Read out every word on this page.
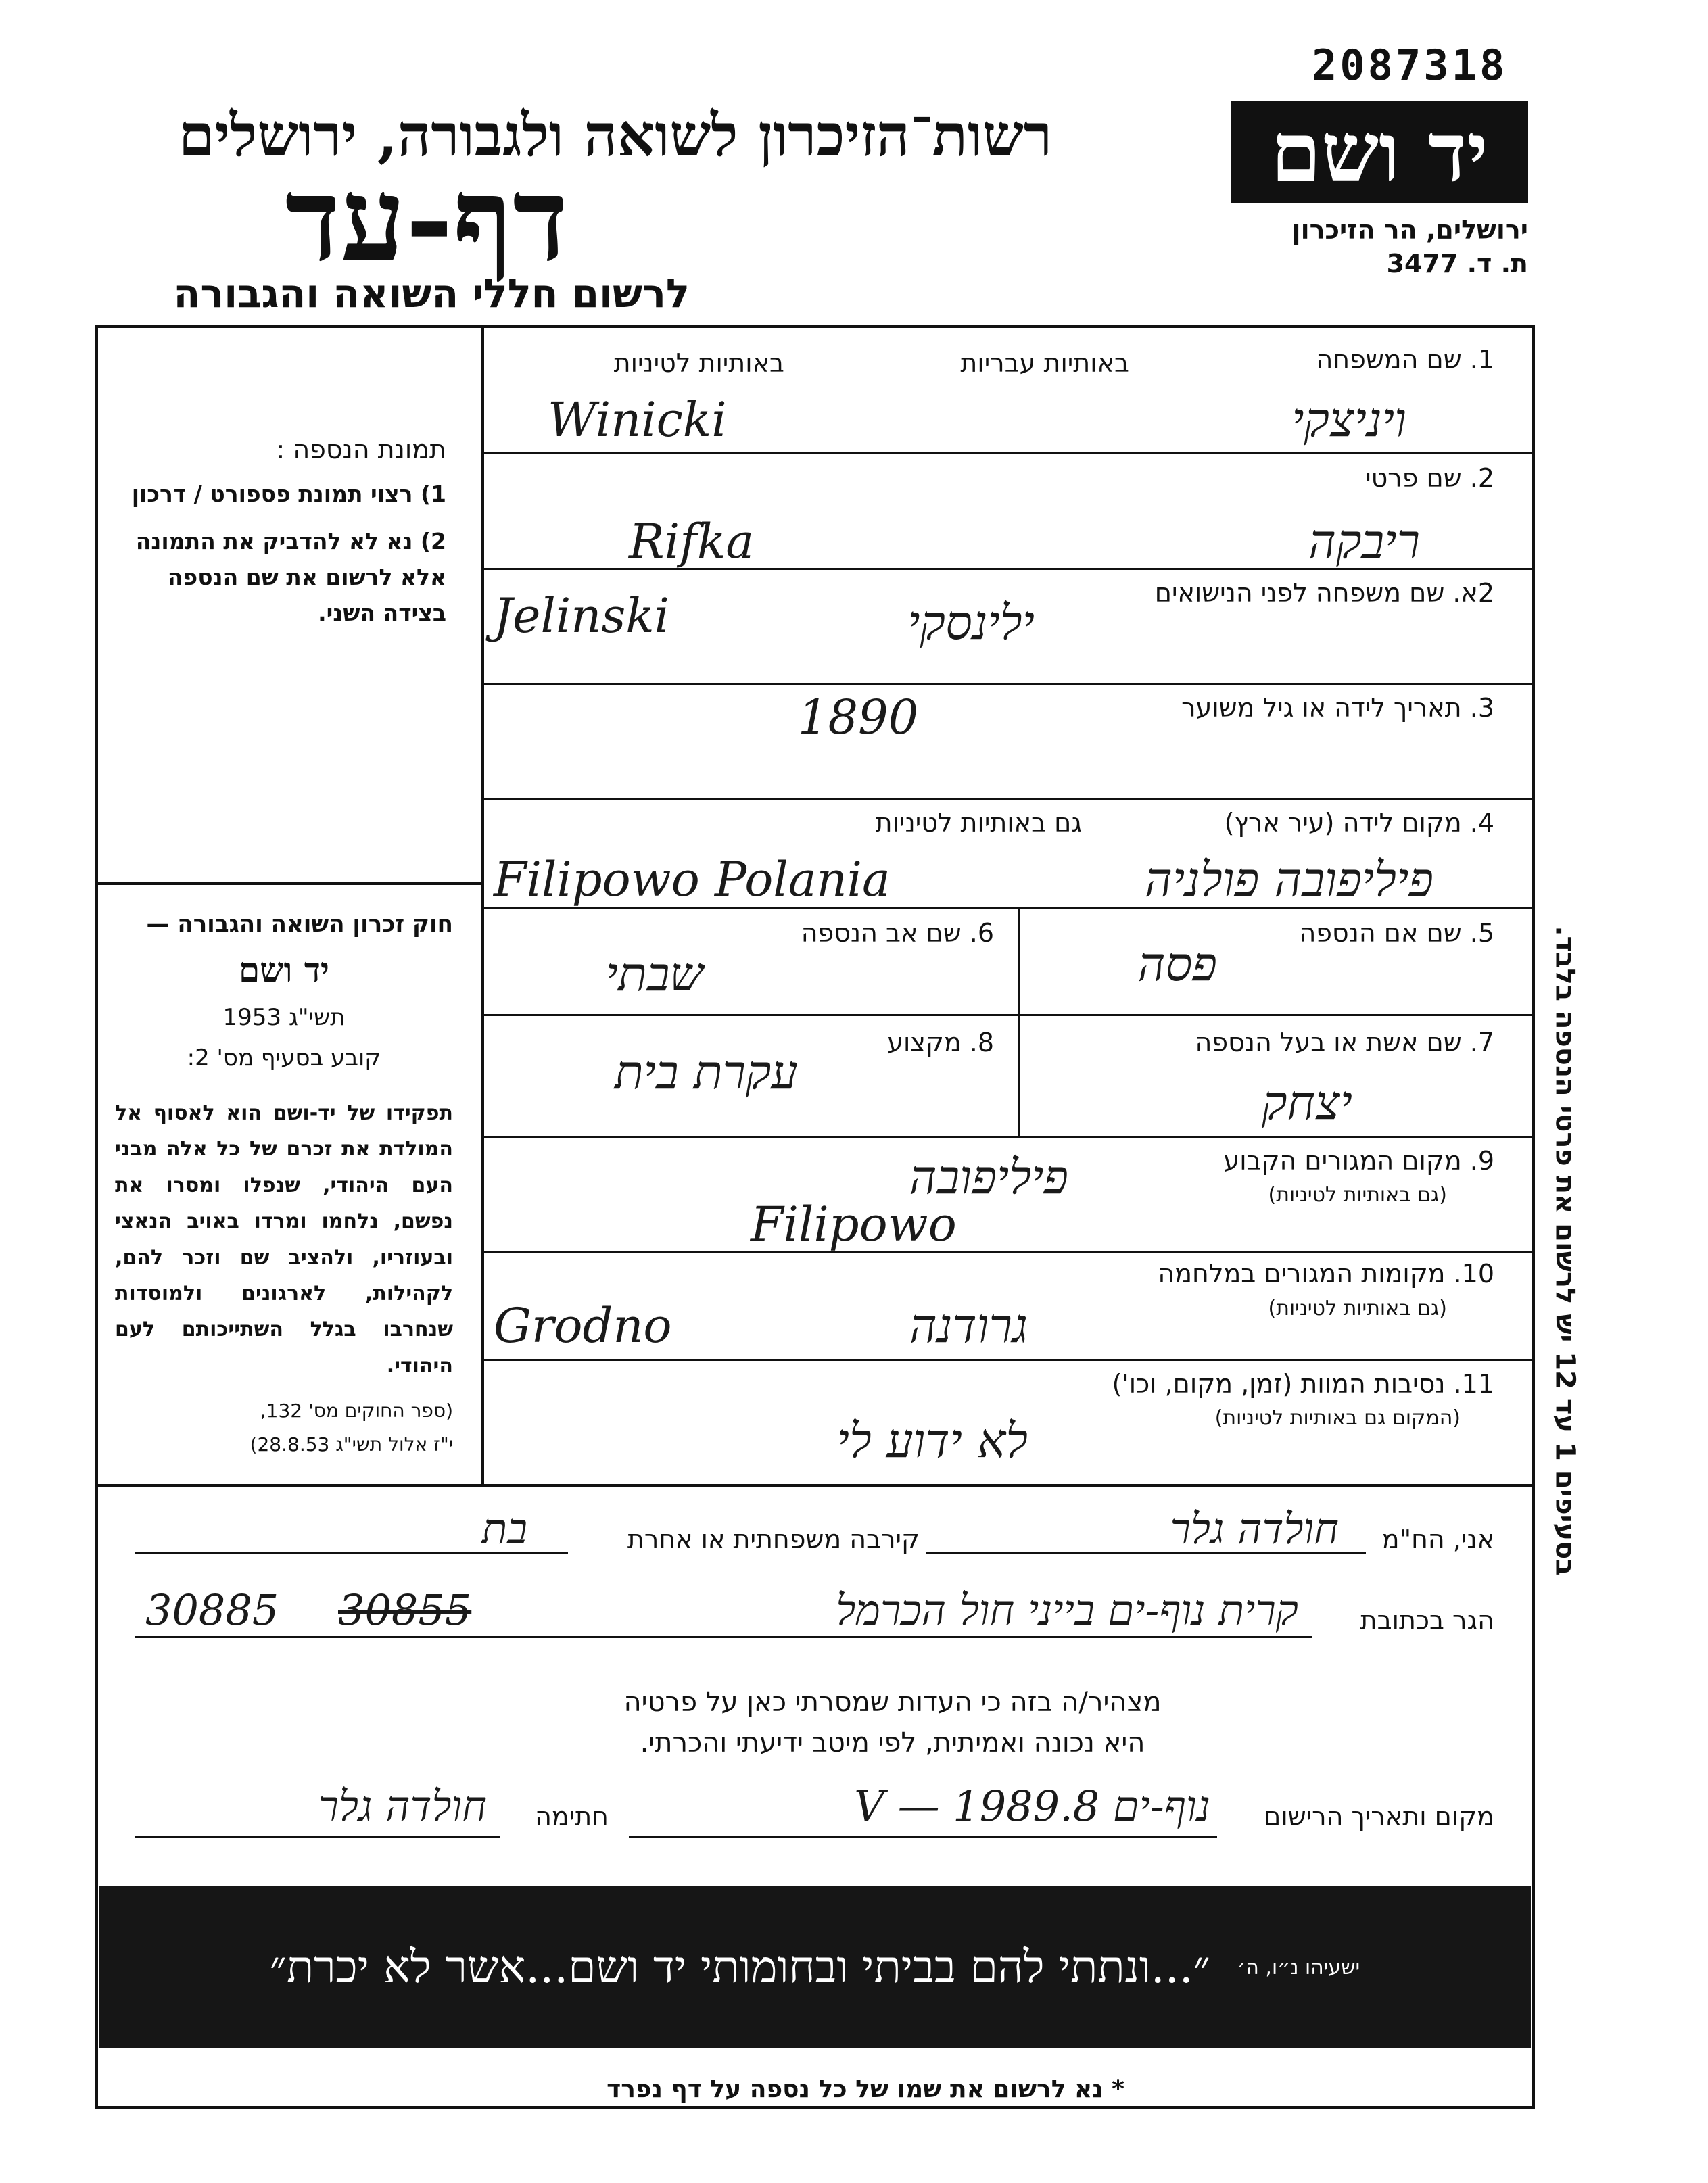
2087318
רשות־הזיכרון לשואה ולגבורה, ירושלים
דף-עד
לרשום חללי השואה והגבורה
יד ושם
ירושלים, הר הזיכרון
ת. ד. 3477
תמונת הנספה :
1) רצוי תמונת פספורט / דרכון
2) נא לא להדביק את התמונה אלא לרשום את שם הנספה בצידה השני.
חוק זכרון השואה והגבורה —
יד ושם
תשי"ג 1953
קובע בסעיף מס' 2:
תפקידו של יד-ושם הוא לאסוף אל המולדת את זכרם של כל אלה מבני העם היהודי, שנפלו ומסרו את נפשם, נלחמו ומרדו באויב הנאצי ובעוזריו, ולהציב שם וזכר להם, לקהילות, לארגונים ולמוסדות שנחרבו בגלל השתייכותם לעם היהודי.
(ספר החוקים מס' 132,
י"ז אלול תשי"ג 28.8.53)
1. שם המשפחה
באותיות עבריות
באותיות לטיניות
Winicki	ויניצקי
2. שם פרטי
Rifka	ריבקה
2א. שם משפחה לפני הנישואים
Jelinski	ילינסקי
3. תאריך לידה או גיל משוער
1890
4. מקום לידה (עיר ארץ)
גם באותיות לטיניות
Filipowo Polania	פיליפובה פולניה
5. שם אם הנספה
פסה
6. שם אב הנספה
שבתי
7. שם אשת או בעל הנספה
יצחק
8. מקצוע
עקרת בית
9. מקום המגורים הקבוע
(גם באותיות לטיניות)
פיליפובה
Filipowo
10. מקומות המגורים במלחמה
(גם באותיות לטיניות)
Grodno	גרודנה
11. נסיבות המוות (זמן, מקום, וכו')
(המקום גם באותיות לטיניות)
לא ידוע לי
אני, הח"מ
חולדה גלר
קירבה משפחתית או אחרת
בת
הגר בכתובת
קרית נוף-ים בייני חול הכרמל
30855
30885
מצהיר/ה בזה כי העדות שמסרתי כאן על פרטיה
היא נכונה ואמיתית, לפי מיטב ידיעתי והכרתי.
מקום ותאריך הרישום
נוף-ים 8.V — 1989
חתימה
חולדה גלר
״...ונתתי להם בביתי ובחומותי יד ושם...אשר לא יכרת״ ישעיהו נ״ו, ה׳
בסעיפים 1 עד 12 יש לרשום את פרטי הנספה בלבד.
* נא לרשום את שמו של כל נספה על דף נפרד
